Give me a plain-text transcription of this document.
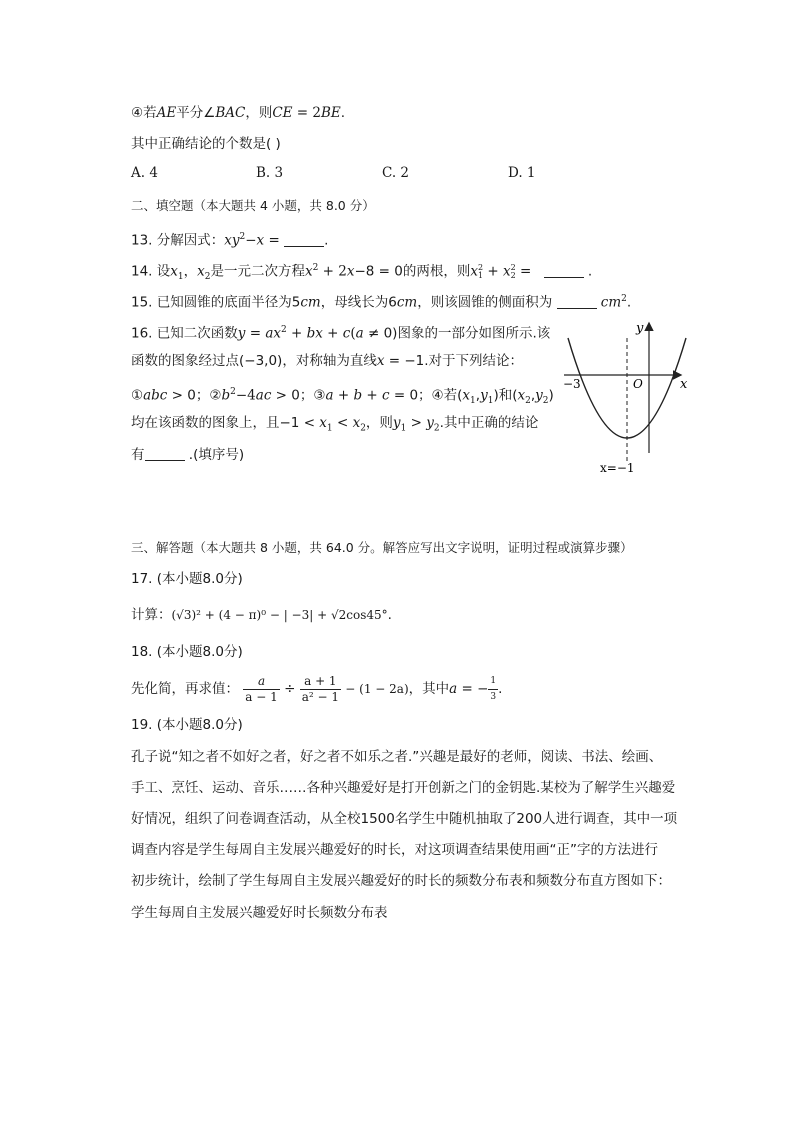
④若AE平分∠BAC，则CE = 2BE.
其中正确结论的个数是( )
A. 4	B. 3	C. 2	D. 1
二、填空题（本大题共 4 小题，共 8.0 分）
13. 分解因式：$xy^2-x$ =	.
14. 设$x_1$，$x_2$是一元二次方程$x^2 + 2x-8 = 0$的两根，则x 2
1 + x 2
2 =	.
15. 已知圆锥的底面半径为5cm，母线长为6cm，则该圆锥的侧面积为	$cm^2$.
16. 已知二次函数$y = ax^2$ + bx + c(a ≠ 0)图象的一部分如图所示.该
函数的图象经过点(−3,0)，对称轴为直线x = −1.对于下列结论：
①abc > 0；$②b^2-4ac > 0$；③a + b + c = 0；④若$(x_1,y_1)$和$(x_2,y_2)$
均在该函数的图象上，且$-1 < x_1 < x_2$，则$y_1 > y_2$.其中正确的结论
有	.(填序号)
y
x
O
−3
x=−1
三、解答题（本大题共 8 小题，共 64.0 分。解答应写出文字说明，证明过程或演算步骤）
17. (本小题8.0分)
计算：(√3)² + (4 − π)⁰ − | −3| + √2cos45°.
18. (本小题8.0分)
先化简，再求值： $\frac{a}{a - 1} \div \frac{a + 1}{\text{a² − 1}} - (1 - 2a)$，其中a = − $\frac{1}{3}$ .
19. (本小题8.0分)
孔子说“知之者不如好之者，好之者不如乐之者.”兴趣是最好的老师，阅读、书法、绘画、
手工、烹饪、运动、音乐……各种兴趣爱好是打开创新之门的金钥匙.某校为了解学生兴趣爱
好情况，组织了问卷调查活动，从全校1500名学生中随机抽取了200人进行调查，其中一项
调查内容是学生每周自主发展兴趣爱好的时长，对这项调查结果使用画“正”字的方法进行
初步统计，绘制了学生每周自主发展兴趣爱好的时长的频数分布表和频数分布直方图如下：
学生每周自主发展兴趣爱好时长频数分布表
